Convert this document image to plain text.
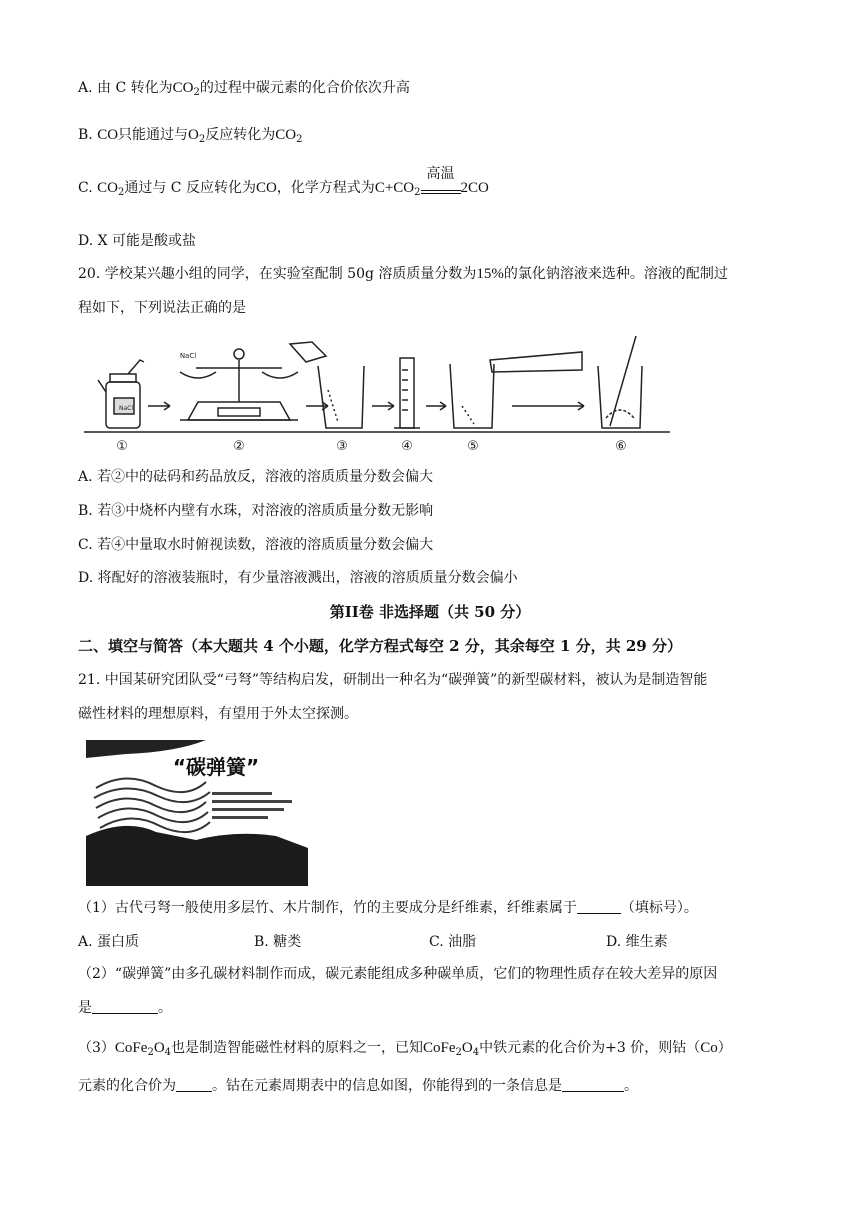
A. 由 C 转化为$CO_2$的过程中碳元素的化合价依次升高
B. CO只能通过与$O_2$反应转化为$CO_2$
C. $CO_2$通过与 C 反应转化为CO，化学方程式为$C+CO_2$
高温
2CO
D. X 可能是酸或盐
20. 学校某兴趣小组的同学，在实验室配制 50g 溶质质量分数为15%的氯化钠溶液来选种。溶液的配制过
程如下，下列说法正确的是
①	②	③	④	⑤	⑥
NaCl
NaCl
A. 若②中的砝码和药品放反，溶液的溶质质量分数会偏大
B. 若③中烧杯内壁有水珠，对溶液的溶质质量分数无影响
C. 若④中量取水时俯视读数，溶液的溶质质量分数会偏大
D. 将配好的溶液装瓶时，有少量溶液溅出，溶液的溶质质量分数会偏小
第II卷 非选择题（共 50 分）
二、填空与简答（本大题共 4 个小题，化学方程式每空 2 分，其余每空 1 分，共 29 分）
21. 中国某研究团队受“弓弩”等结构启发，研制出一种名为“碳弹簧”的新型碳材料，被认为是制造智能
磁性材料的理想原料，有望用于外太空探测。
“碳弹簧”
（1）古代弓弩一般使用多层竹、木片制作，竹的主要成分是纤维素，纤维素属于	（填标号）。
A. 蛋白质	B. 糖类	C. 油脂	D. 维生素
（2）“碳弹簧”由多孔碳材料制作而成，碳元素能组成多种碳单质，它们的物理性质存在较大差异的原因
是	。
$(3)CoFe_2O_4$也是制造智能磁性材料的原料之一，已知$CoFe_2O_4$中铁元素的化合价为+3 价，则钴（Co）
元素的化合价为	。钴在元素周期表中的信息如图，你能得到的一条信息是	。
